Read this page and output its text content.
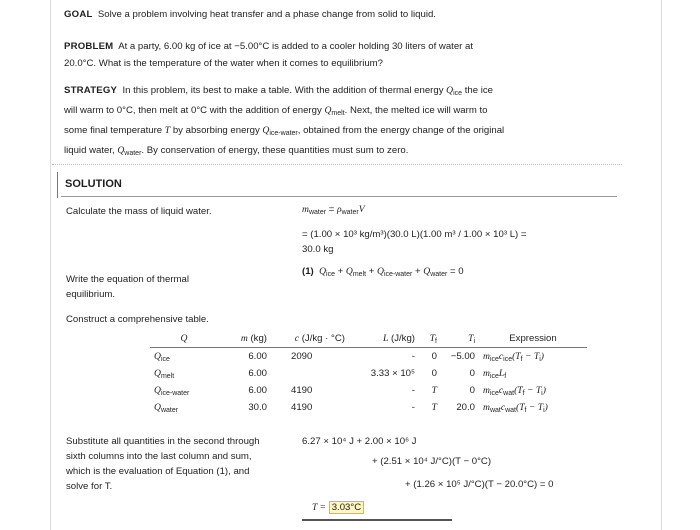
GOAL Solve a problem involving heat transfer and a phase change from solid to liquid.
PROBLEM At a party, 6.00 kg of ice at −5.00°C is added to a cooler holding 30 liters of water at
20.0°C. What is the temperature of the water when it comes to equilibrium?
STRATEGY In this problem, its best to make a table. With the addition of thermal energy $Q_{ice}$ the ice
will warm to 0°C, then melt at 0°C with the addition of energy $Q_{melt}$. Next, the melted ice will warm to
some final temperature T by absorbing energy $Q_{ice-water}$, obtained from the energy change of the original
liquid water, $Q_{water}$. By conservation of energy, these quantities must sum to zero.
SOLUTION
Calculate the mass of liquid water.	$m_{water} = \rho_{water}V$
= (1.00 × 10³ kg/m³)(30.0 L)(1.00 m³ / 1.00 × 10³ L) =
30.0 kg
Write the equation of thermal equilibrium.
(1) $Q_{ice} + Q_{melt} + Q_{ice-water} + Q_{water} = 0$
Construct a comprehensive table.
Q	m (kg)	c (J/kg · °C)	L (J/kg)	$T_f$	$T_i$	Expression
$Q_{ice}$	6.00	2090	-	0	−5.00	$m_{ice}c_{ice}(T_f - T_i)$
$Q_{melt}$	6.00		3.33 × 10⁵	0	0	$m_{ice}L_f$
$Q_{ice-water}$	6.00	4190	-	T	0	$m_{ice}c_{wat}(T_f - T_i)$
$Q_{water}$	30.0	4190	-	T	20.0	$m_{wat}c_{wat}(T_f - T_i)$
Substitute all quantities in the second through sixth columns into the last column and sum, which is the evaluation of Equation (1), and solve for T.
6.27 × 10⁴ J + 2.00 × 10⁶ J
+ (2.51 × 10⁴ J/°C)(T − 0°C)
+ (1.26 × 10⁵ J/°C)(T − 20.0°C) = 0
T = 3.03°C
